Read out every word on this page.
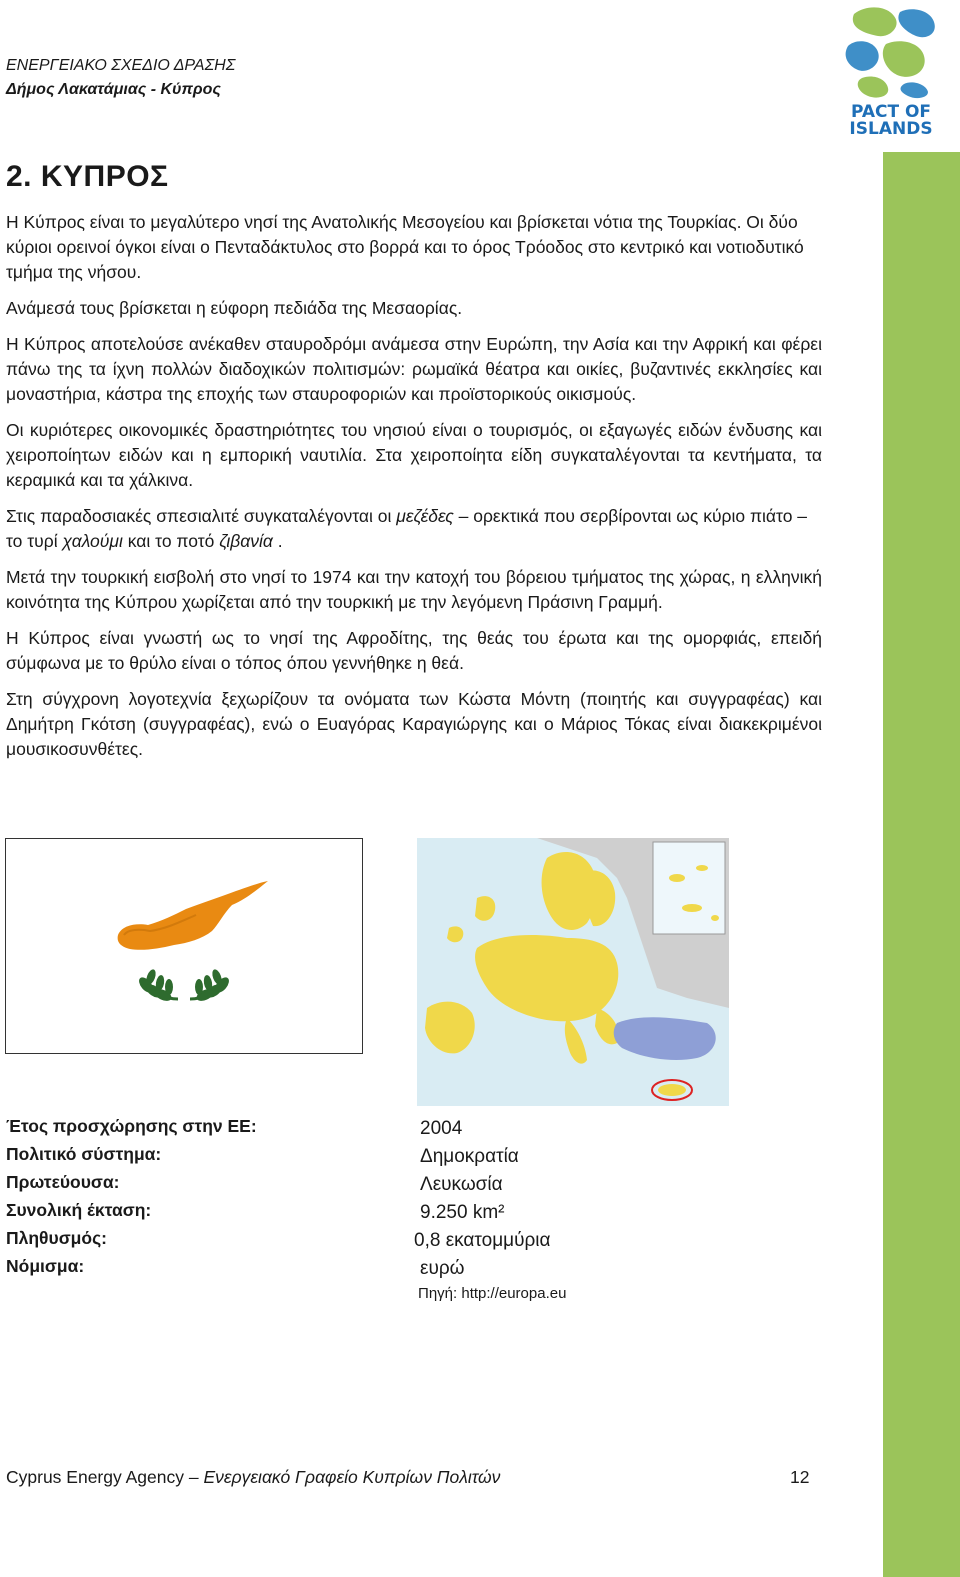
ΕΝΕΡΓΕΙΑΚΟ ΣΧΕΔΙΟ ΔΡΑΣΗΣ
Δήμος Λακατάμιας - Κύπρος
PACT OF
ISLANDS
2. ΚΥΠΡΟΣ

Η Κύπρος είναι το μεγαλύτερο νησί της Ανατολικής Μεσογείου και βρίσκεται νότια της Τουρκίας. Οι δύο κύριοι ορεινοί όγκοι είναι ο Πενταδάκτυλος στο βορρά και το όρος Τρόοδος στο κεντρικό και νοτιοδυτικό τμήμα της νήσου.

Ανάμεσά τους βρίσκεται η εύφορη πεδιάδα της Μεσαορίας.

Η Κύπρος αποτελούσε ανέκαθεν σταυροδρόμι ανάμεσα στην Ευρώπη, την Ασία και την Αφρική και φέρει πάνω της τα ίχνη πολλών διαδοχικών πολιτισμών: ρωμαϊκά θέατρα και οικίες, βυζαντινές εκκλησίες και μοναστήρια, κάστρα της εποχής των σταυροφοριών και προϊστορικούς οικισμούς.

Οι κυριότερες οικονομικές δραστηριότητες του νησιού είναι ο τουρισμός, οι εξαγωγές ειδών ένδυσης και χειροποίητων ειδών και η εμπορική ναυτιλία. Στα χειροποίητα είδη συγκαταλέγονται τα κεντήματα, τα κεραμικά και τα χάλκινα.

Στις παραδοσιακές σπεσιαλιτέ συγκαταλέγονται οι μεζέδες – ορεκτικά που σερβίρονται ως κύριο πιάτο – το τυρί χαλούμι και το ποτό ζιβανία .

Μετά την τουρκική εισβολή στο νησί το 1974 και την κατοχή του βόρειου τμήματος της χώρας, η ελληνική κοινότητα της Κύπρου χωρίζεται από την τουρκική με την λεγόμενη Πράσινη Γραμμή.

Η Κύπρος είναι γνωστή ως το νησί της Αφροδίτης, της θεάς του έρωτα και της ομορφιάς, επειδή σύμφωνα με το θρύλο είναι ο τόπος όπου γεννήθηκε η θεά.

Στη σύγχρονη λογοτεχνία ξεχωρίζουν τα ονόματα των Κώστα Μόντη (ποιητής και συγγραφέας) και Δημήτρη Γκότση (συγγραφέας), ενώ ο Ευαγόρας Καραγιώργης και ο Μάριος Τόκας είναι διακεκριμένοι μουσικοσυνθέτες.

Έτος προσχώρησης στην ΕΕ:	2004
Πολιτικό σύστημα:	Δημοκρατία
Πρωτεύουσα:	Λευκωσία
Συνολική έκταση:	9.250 km²
Πληθυσμός:	0,8 εκατομμύρια
Νόμισμα:	ευρώ
Πηγή: http://europa.eu
Cyprus Energy Agency – Ενεργειακό Γραφείο Κυπρίων Πολιτών	12
